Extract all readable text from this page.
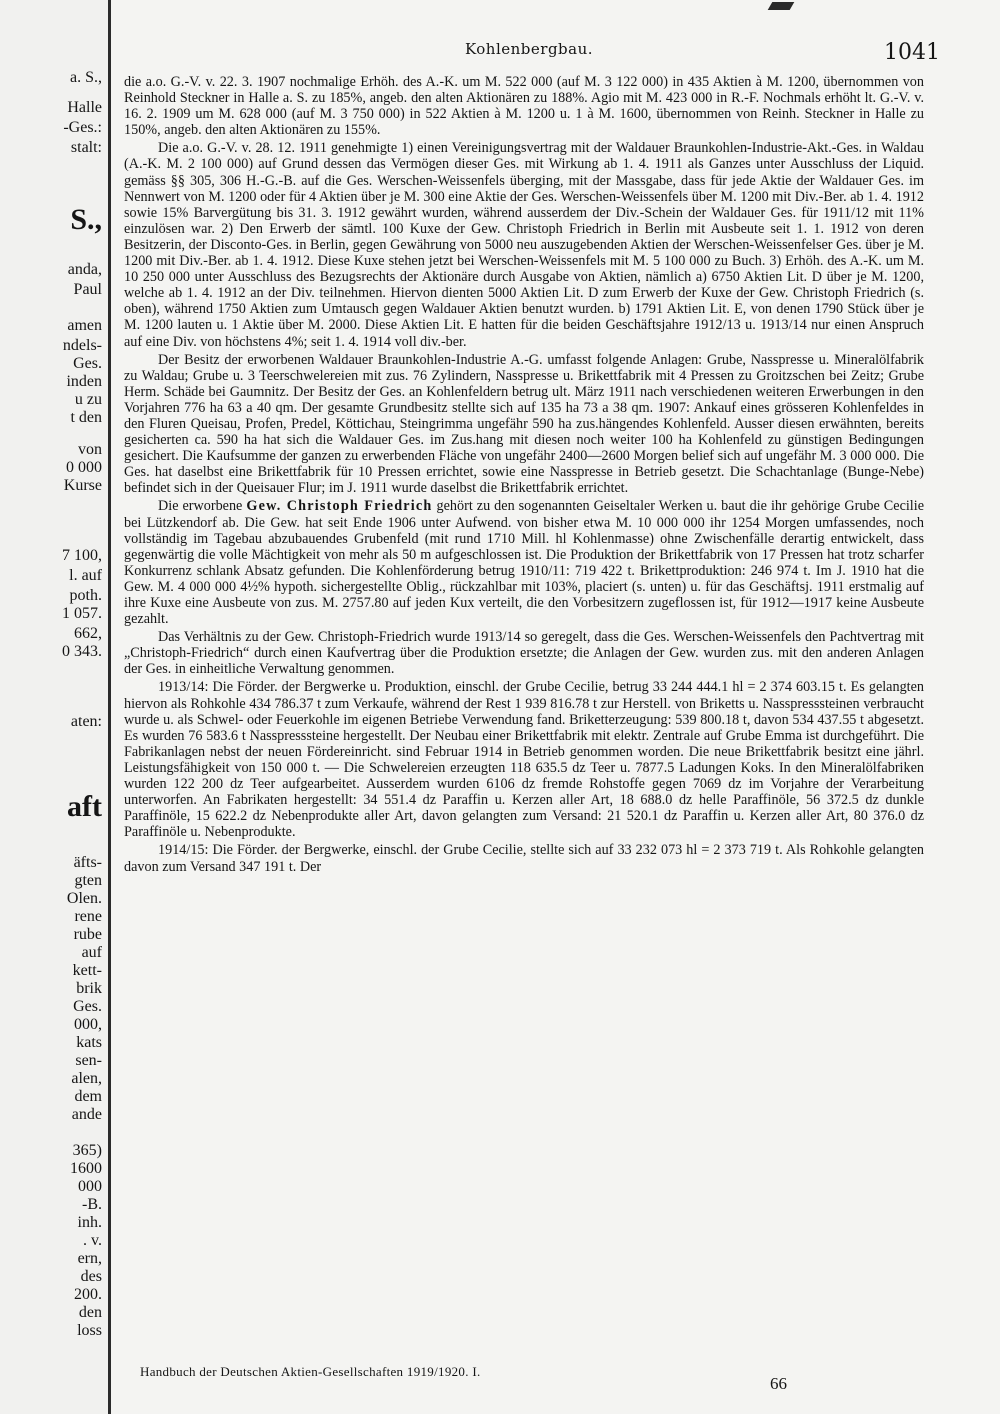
a. S.,
Halle
-Ges.:
stalt:
S.,
anda,
Paul
amen
ndels-
Ges.
inden
u zu
t den
von
0 000
Kurse
7 100,
l. auf
poth.
1 057.
662,
0 343.
aten:
aft
äfts-
gten
Olen.
rene
rube
auf
kett-
brik
Ges.
000,
kats
sen-
alen,
dem
ande
365)
1600
000
-B.
inh.
. v.
ern,
des
200.
den
loss
Kohlenbergbau.	1041

die a.o. G.-V. v. 22. 3. 1907 nochmalige Erhöh. des A.-K. um M. 522 000 (auf M. 3 122 000) in 435 Aktien à M. 1200, übernommen von Reinhold Steckner in Halle a. S. zu 185%, angeb. den alten Aktionären zu 188%. Agio mit M. 423 000 in R.-F. Nochmals erhöht lt. G.-V. v. 16. 2. 1909 um M. 628 000 (auf M. 3 750 000) in 522 Aktien à M. 1200 u. 1 à M. 1600, übernommen von Reinh. Steckner in Halle zu 150%, angeb. den alten Aktionären zu 155%.

Die a.o. G.-V. v. 28. 12. 1911 genehmigte 1) einen Vereinigungsvertrag mit der Waldauer Braunkohlen-Industrie-Akt.-Ges. in Waldau (A.-K. M. 2 100 000) auf Grund dessen das Vermögen dieser Ges. mit Wirkung ab 1. 4. 1911 als Ganzes unter Ausschluss der Liquid. gemäss §§ 305, 306 H.-G.-B. auf die Ges. Werschen-Weissenfels überging, mit der Massgabe, dass für jede Aktie der Waldauer Ges. im Nennwert von M. 1200 oder für 4 Aktien über je M. 300 eine Aktie der Ges. Werschen-Weissenfels über M. 1200 mit Div.-Ber. ab 1. 4. 1912 sowie 15% Barvergütung bis 31. 3. 1912 gewährt wurden, während ausserdem der Div.-Schein der Waldauer Ges. für 1911/12 mit 11% einzulösen war. 2) Den Erwerb der sämtl. 100 Kuxe der Gew. Christoph Friedrich in Berlin mit Ausbeute seit 1. 1. 1912 von deren Besitzerin, der Disconto-Ges. in Berlin, gegen Gewährung von 5000 neu auszugebenden Aktien der Werschen-Weissenfelser Ges. über je M. 1200 mit Div.-Ber. ab 1. 4. 1912. Diese Kuxe stehen jetzt bei Werschen-Weissenfels mit M. 5 100 000 zu Buch. 3) Erhöh. des A.-K. um M. 10 250 000 unter Ausschluss des Bezugsrechts der Aktionäre durch Ausgabe von Aktien, nämlich a) 6750 Aktien Lit. D über je M. 1200, welche ab 1. 4. 1912 an der Div. teilnehmen. Hiervon dienten 5000 Aktien Lit. D zum Erwerb der Kuxe der Gew. Christoph Friedrich (s. oben), während 1750 Aktien zum Umtausch gegen Waldauer Aktien benutzt wurden. b) 1791 Aktien Lit. E, von denen 1790 Stück über je M. 1200 lauten u. 1 Aktie über M. 2000. Diese Aktien Lit. E hatten für die beiden Geschäftsjahre 1912/13 u. 1913/14 nur einen Anspruch auf eine Div. von höchstens 4%; seit 1. 4. 1914 voll div.-ber.

Der Besitz der erworbenen Waldauer Braunkohlen-Industrie A.-G. umfasst folgende Anlagen: Grube, Nasspresse u. Mineralölfabrik zu Waldau; Grube u. 3 Teerschwelereien mit zus. 76 Zylindern, Nasspresse u. Brikettfabrik mit 4 Pressen zu Groitzschen bei Zeitz; Grube Herm. Schäde bei Gaumnitz. Der Besitz der Ges. an Kohlenfeldern betrug ult. März 1911 nach verschiedenen weiteren Erwerbungen in den Vorjahren 776 ha 63 a 40 qm. Der gesamte Grundbesitz stellte sich auf 135 ha 73 a 38 qm. 1907: Ankauf eines grösseren Kohlenfeldes in den Fluren Queisau, Profen, Predel, Köttichau, Steingrimma ungefähr 590 ha zus.hängendes Kohlenfeld. Ausser diesen erwähnten, bereits gesicherten ca. 590 ha hat sich die Waldauer Ges. im Zus.hang mit diesen noch weiter 100 ha Kohlenfeld zu günstigen Bedingungen gesichert. Die Kaufsumme der ganzen zu erwerbenden Fläche von ungefähr 2400—2600 Morgen belief sich auf ungefähr M. 3 000 000. Die Ges. hat daselbst eine Brikettfabrik für 10 Pressen errichtet, sowie eine Nasspresse in Betrieb gesetzt. Die Schachtanlage (Bunge-Nebe) befindet sich in der Queisauer Flur; im J. 1911 wurde daselbst die Brikettfabrik errichtet.

Die erworbene Gew. Christoph Friedrich gehört zu den sogenannten Geiseltaler Werken u. baut die ihr gehörige Grube Cecilie bei Lützkendorf ab. Die Gew. hat seit Ende 1906 unter Aufwend. von bisher etwa M. 10 000 000 ihr 1254 Morgen umfassendes, noch vollständig im Tagebau abzubauendes Grubenfeld (mit rund 1710 Mill. hl Kohlenmasse) ohne Zwischenfälle derartig entwickelt, dass gegenwärtig die volle Mächtigkeit von mehr als 50 m aufgeschlossen ist. Die Produktion der Brikettfabrik von 17 Pressen hat trotz scharfer Konkurrenz schlank Absatz gefunden. Die Kohlenförderung betrug 1910/11: 719 422 t. Brikettproduktion: 246 974 t. Im J. 1910 hat die Gew. M. 4 000 000 4½% hypoth. sichergestellte Oblig., rückzahlbar mit 103%, placiert (s. unten) u. für das Geschäftsj. 1911 erstmalig auf ihre Kuxe eine Ausbeute von zus. M. 2757.80 auf jeden Kux verteilt, die den Vorbesitzern zugeflossen ist, für 1912—1917 keine Ausbeute gezahlt.

Das Verhältnis zu der Gew. Christoph-Friedrich wurde 1913/14 so geregelt, dass die Ges. Werschen-Weissenfels den Pachtvertrag mit „Christoph-Friedrich“ durch einen Kaufvertrag über die Produktion ersetzte; die Anlagen der Gew. wurden zus. mit den anderen Anlagen der Ges. in einheitliche Verwaltung genommen.

1913/14: Die Förder. der Bergwerke u. Produktion, einschl. der Grube Cecilie, betrug 33 244 444.1 hl = 2 374 603.15 t. Es gelangten hiervon als Rohkohle 434 786.37 t zum Verkaufe, während der Rest 1 939 816.78 t zur Herstell. von Briketts u. Nasspresssteinen verbraucht wurde u. als Schwel- oder Feuerkohle im eigenen Betriebe Verwendung fand. Briketterzeugung: 539 800.18 t, davon 534 437.55 t abgesetzt. Es wurden 76 583.6 t Nasspresssteine hergestellt. Der Neubau einer Brikettfabrik mit elektr. Zentrale auf Grube Emma ist durchgeführt. Die Fabrikanlagen nebst der neuen Fördereinricht. sind Februar 1914 in Betrieb genommen worden. Die neue Brikettfabrik besitzt eine jährl. Leistungsfähigkeit von 150 000 t. — Die Schwelereien erzeugten 118 635.5 dz Teer u. 7877.5 Ladungen Koks. In den Mineralölfabriken wurden 122 200 dz Teer aufgearbeitet. Ausserdem wurden 6106 dz fremde Rohstoffe gegen 7069 dz im Vorjahre der Verarbeitung unterworfen. An Fabrikaten hergestellt: 34 551.4 dz Paraffin u. Kerzen aller Art, 18 688.0 dz helle Paraffinöle, 56 372.5 dz dunkle Paraffinöle, 15 622.2 dz Nebenprodukte aller Art, davon gelangten zum Versand: 21 520.1 dz Paraffin u. Kerzen aller Art, 80 376.0 dz Paraffinöle u. Nebenprodukte.

1914/15: Die Förder. der Bergwerke, einschl. der Grube Cecilie, stellte sich auf 33 232 073 hl = 2 373 719 t. Als Rohkohle gelangten davon zum Versand 347 191 t. Der

Handbuch der Deutschen Aktien-Gesellschaften 1919/1920. I.
66
